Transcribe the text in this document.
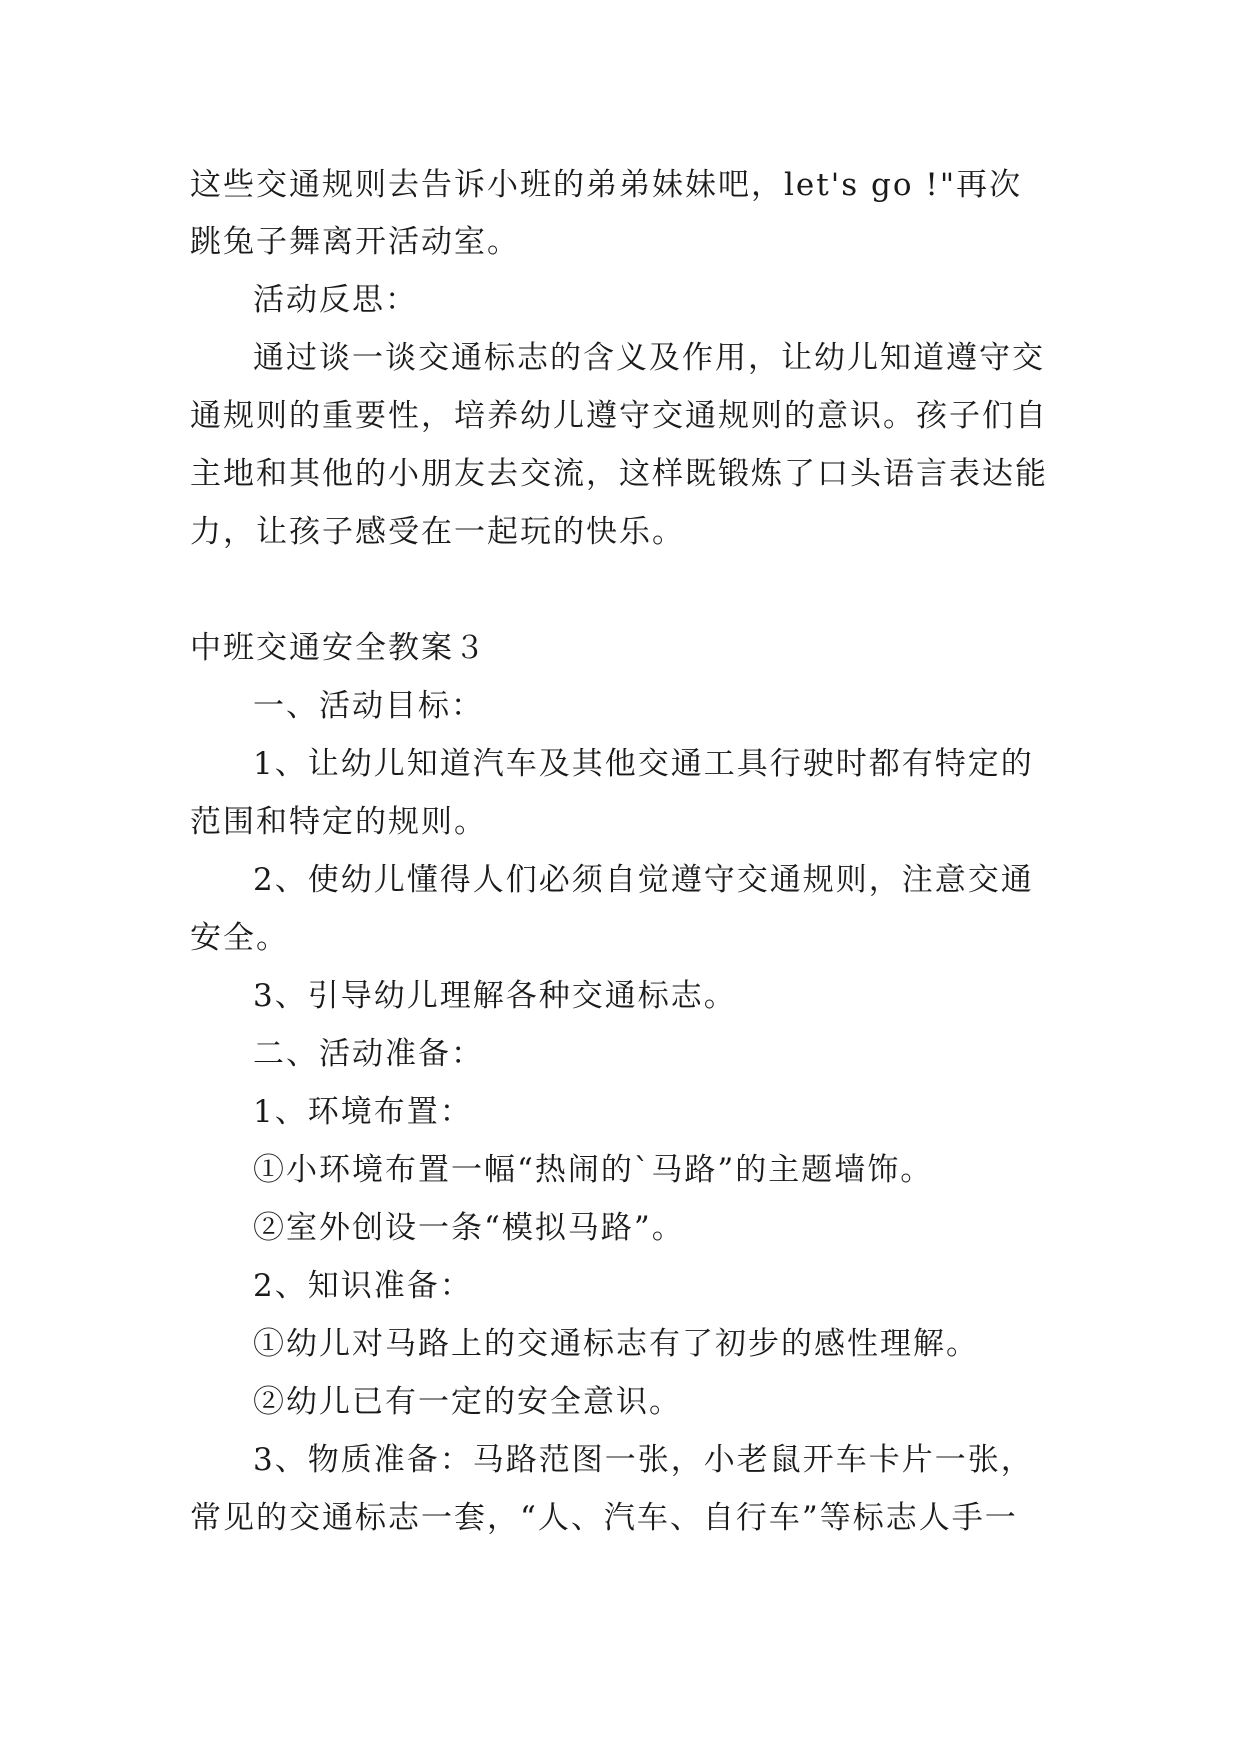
这些交通规则去告诉小班的弟弟妹妹吧，let's go !"再次
跳兔子舞离开活动室。
活动反思：
通过谈一谈交通标志的含义及作用，让幼儿知道遵守交
通规则的重要性，培养幼儿遵守交通规则的意识。孩子们自
主地和其他的小朋友去交流，这样既锻炼了口头语言表达能
力，让孩子感受在一起玩的快乐。
中班交通安全教案３
一、活动目标：
1、让幼儿知道汽车及其他交通工具行驶时都有特定的
范围和特定的规则。
2、使幼儿懂得人们必须自觉遵守交通规则，注意交通
安全。
3、引导幼儿理解各种交通标志。
二、活动准备：
1、环境布置：
①小环境布置一幅“热闹的`马路”的主题墙饰。
②室外创设一条“模拟马路”。
2、知识准备：
①幼儿对马路上的交通标志有了初步的感性理解。
②幼儿已有一定的安全意识。
3、物质准备：马路范图一张，小老鼠开车卡片一张，
常见的交通标志一套，“人、汽车、自行车”等标志人手一
